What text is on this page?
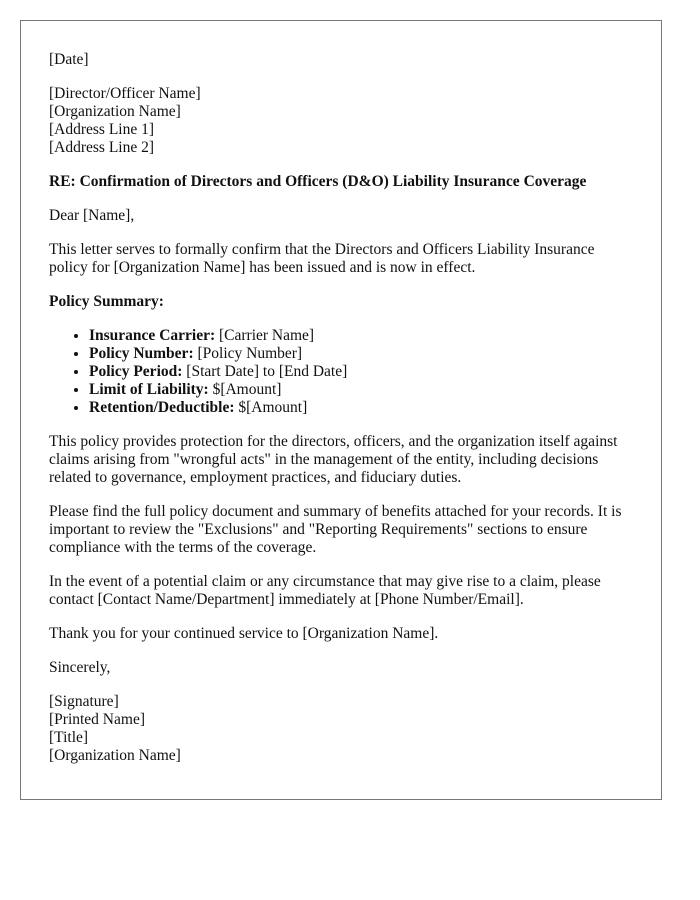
[Date]

[Director/Officer Name]
[Organization Name]
[Address Line 1]
[Address Line 2]

RE: Confirmation of Directors and Officers (D&O) Liability Insurance Coverage

Dear [Name],

This letter serves to formally confirm that the Directors and Officers Liability Insurance policy for [Organization Name] has been issued and is now in effect.

Policy Summary:

• Insurance Carrier: [Carrier Name]
• Policy Number: [Policy Number]
• Policy Period: [Start Date] to [End Date]
• Limit of Liability: $[Amount]
• Retention/Deductible: $[Amount]

This policy provides protection for the directors, officers, and the organization itself against claims arising from "wrongful acts" in the management of the entity, including decisions related to governance, employment practices, and fiduciary duties.

Please find the full policy document and summary of benefits attached for your records. It is important to review the "Exclusions" and "Reporting Requirements" sections to ensure compliance with the terms of the coverage.

In the event of a potential claim or any circumstance that may give rise to a claim, please contact [Contact Name/Department] immediately at [Phone Number/Email].

Thank you for your continued service to [Organization Name].

Sincerely,

[Signature]
[Printed Name]
[Title]
[Organization Name]
